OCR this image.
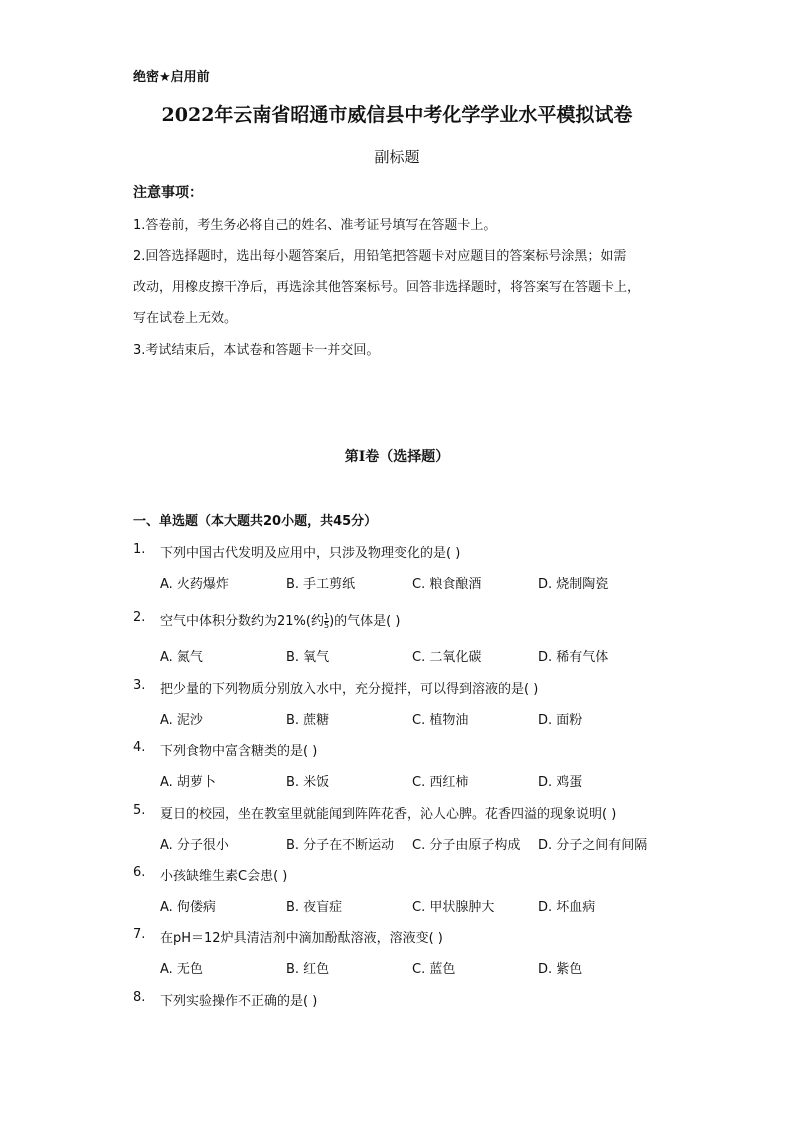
绝密★启用前
2022年云南省昭通市威信县中考化学学业水平模拟试卷
副标题
注意事项：
1.答卷前，考生务必将自己的姓名、准考证号填写在答题卡上。
2.回答选择题时，选出每小题答案后，用铅笔把答题卡对应题目的答案标号涂黑；如需
改动，用橡皮擦干净后，再选涂其他答案标号。回答非选择题时，将答案写在答题卡上，
写在试卷上无效。
3.考试结束后，本试卷和答题卡一并交回。
第Ⅰ卷（选择题）
一、单选题（本大题共20小题，共45分）
1. 下列中国古代发明及应用中，只涉及物理变化的是( )
A. 火药爆炸	B. 手工剪纸	C. 粮食酿酒	D. 烧制陶瓷
2. 空气中体积分数约为21%(约 $\frac{1}{5}$ )的气体是( )
A. 氮气	B. 氧气	C. 二氧化碳	D. 稀有气体
3. 把少量的下列物质分别放入水中，充分搅拌，可以得到溶液的是( )
A. 泥沙	B. 蔗糖	C. 植物油	D. 面粉
4. 下列食物中富含糖类的是( )
A. 胡萝卜	B. 米饭	C. 西红柿	D. 鸡蛋
5. 夏日的校园，坐在教室里就能闻到阵阵花香，沁人心脾。花香四溢的现象说明( )
A. 分子很小	B. 分子在不断运动 C. 分子由原子构成 D. 分子之间有间隔
6. 小孩缺维生素C会患( )
A. 佝偻病	B. 夜盲症	C. 甲状腺肿大	D. 坏血病
7. 在pH＝12炉具清洁剂中滴加酚酞溶液，溶液变( )
A. 无色	B. 红色	C. 蓝色	D. 紫色
8. 下列实验操作不正确的是( )
